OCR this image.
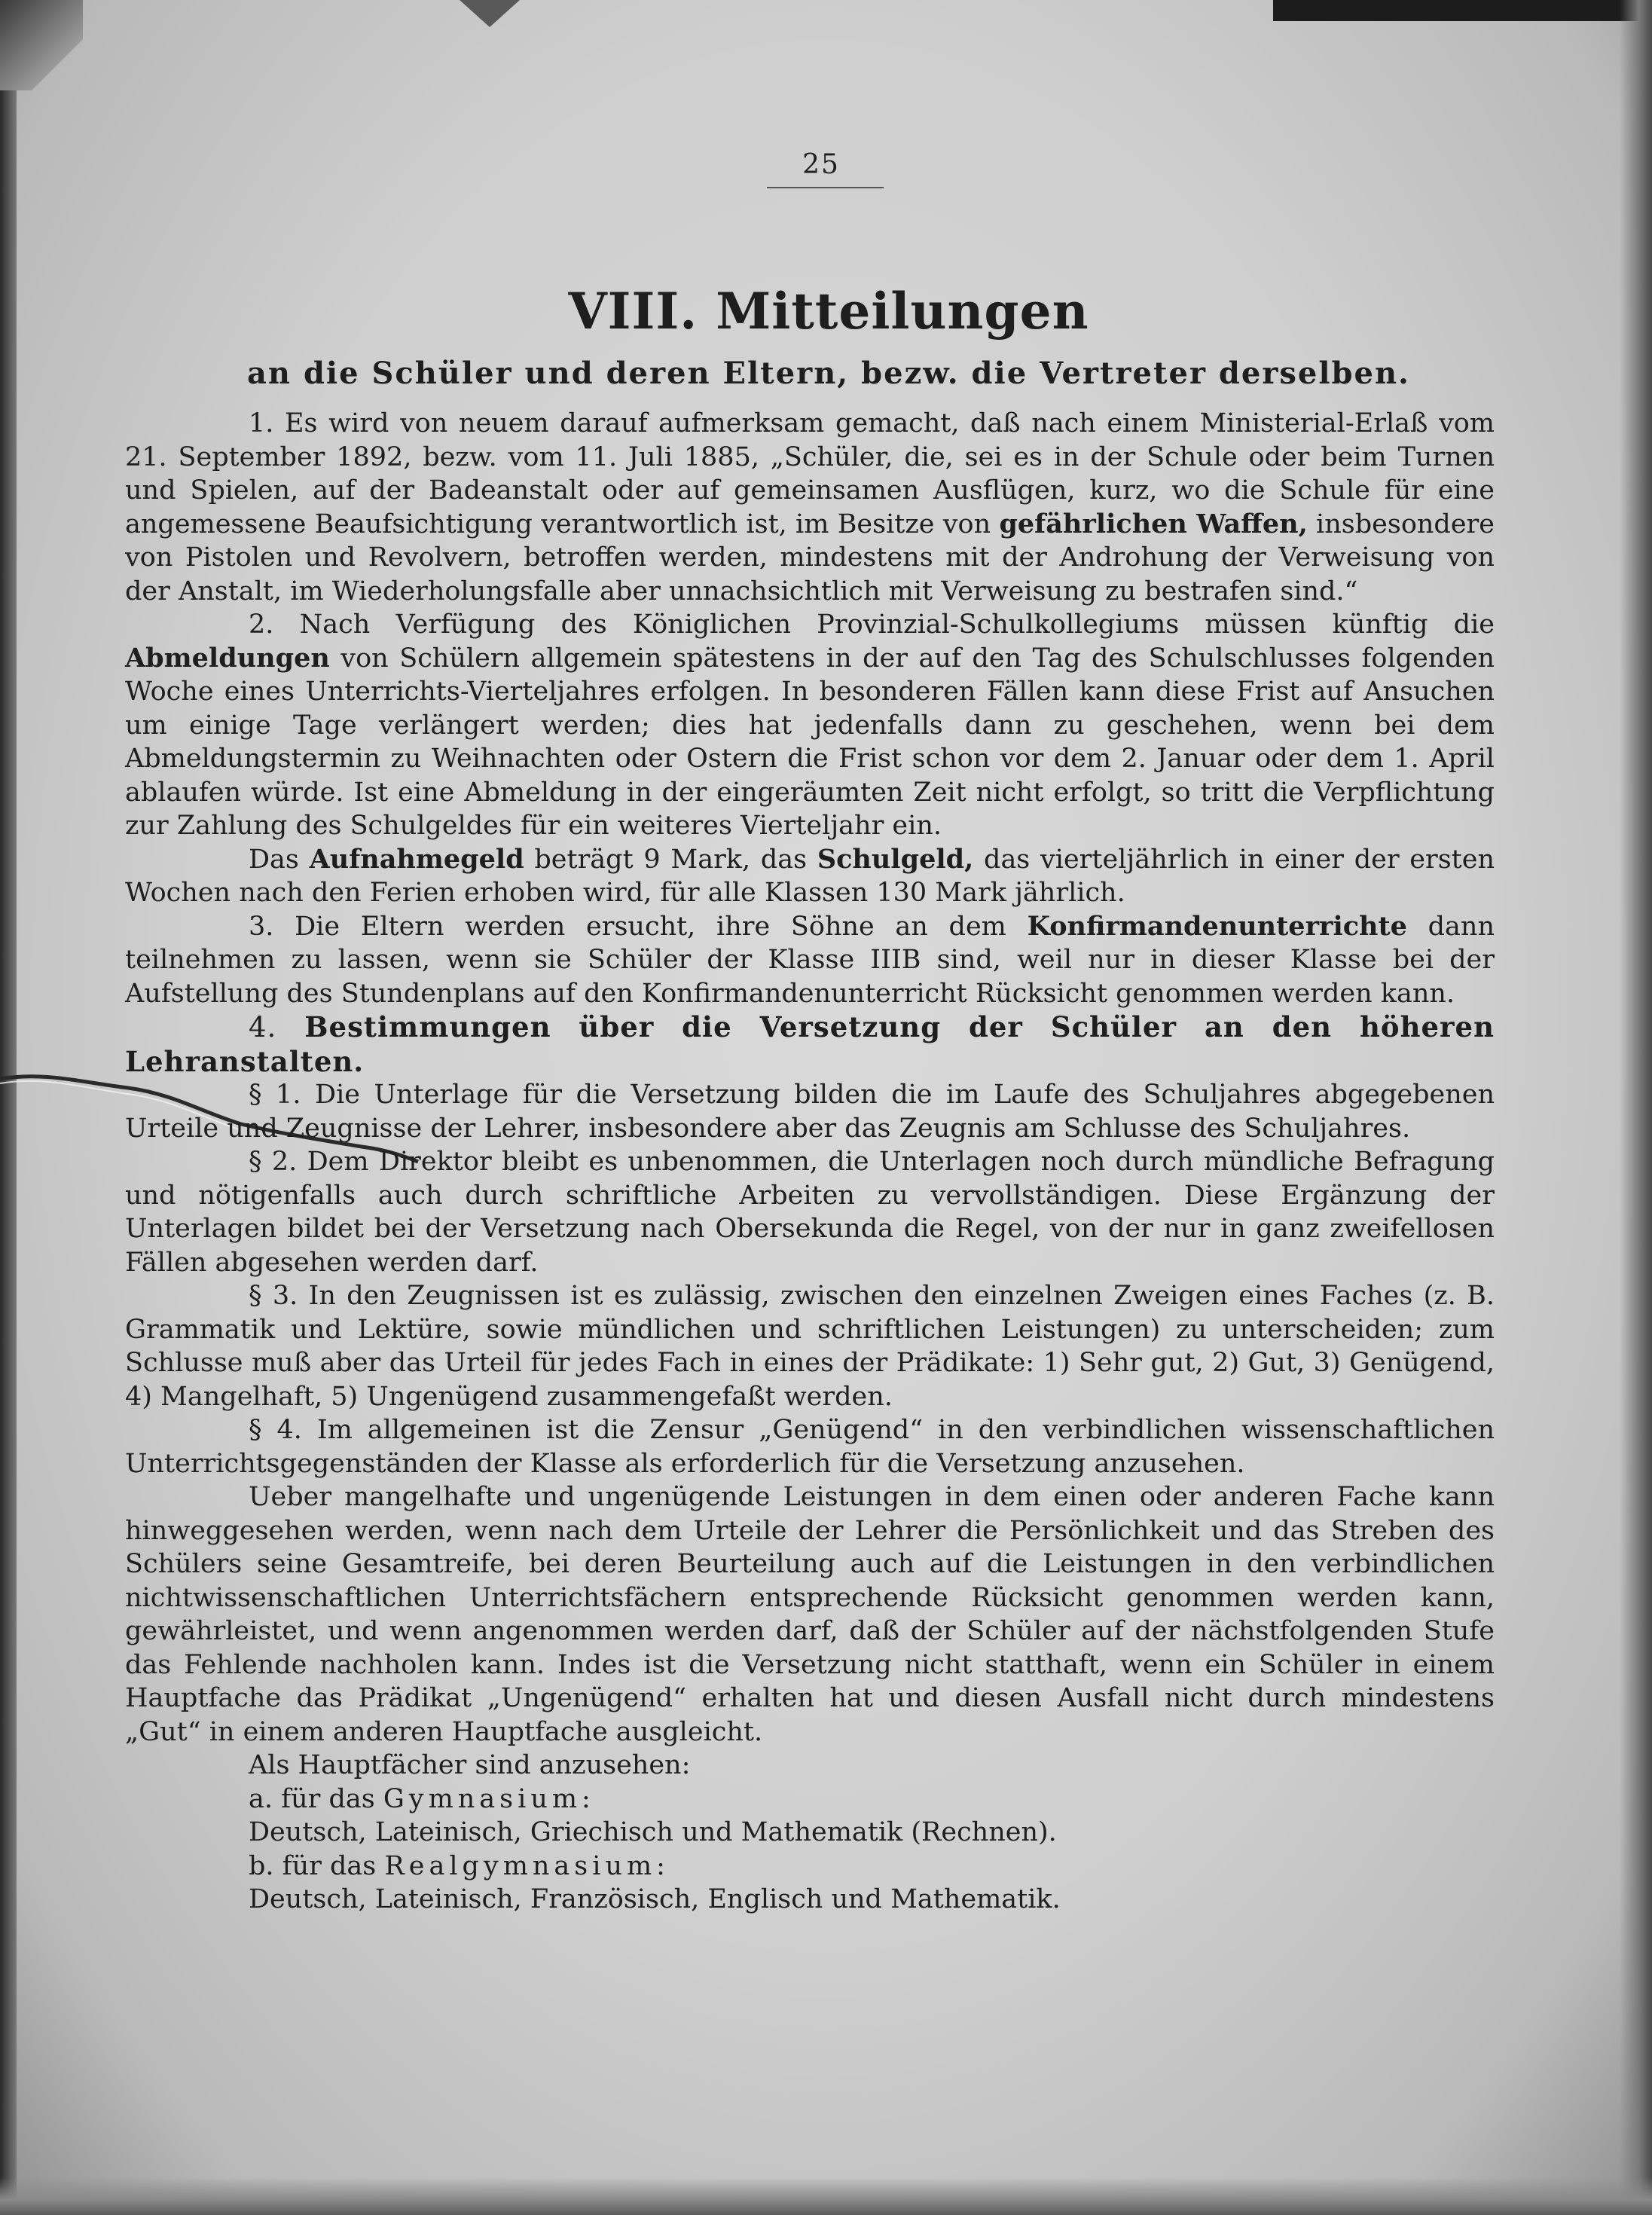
25
VIII. Mitteilungen
an die Schüler und deren Eltern, bezw. die Vertreter derselben.

1. Es wird von neuem darauf aufmerksam gemacht, daß nach einem Ministerial-Erlaß vom 21. September 1892, bezw. vom 11. Juli 1885, „Schüler, die, sei es in der Schule oder beim Turnen und Spielen, auf der Badeanstalt oder auf gemeinsamen Ausflügen, kurz, wo die Schule für eine angemessene Beaufsichtigung verantwortlich ist, im Besitze von gefährlichen Waffen, insbesondere von Pistolen und Revolvern, betroffen werden, mindestens mit der Androhung der Verweisung von der Anstalt, im Wiederholungsfalle aber unnachsichtlich mit Verweisung zu bestrafen sind.“

2. Nach Verfügung des Königlichen Provinzial-Schulkollegiums müssen künftig die Abmeldungen von Schülern allgemein spätestens in der auf den Tag des Schulschlusses folgenden Woche eines Unterrichts-Vierteljahres erfolgen. In besonderen Fällen kann diese Frist auf Ansuchen um einige Tage verlängert werden; dies hat jedenfalls dann zu geschehen, wenn bei dem Abmeldungstermin zu Weihnachten oder Ostern die Frist schon vor dem 2. Januar oder dem 1. April ablaufen würde. Ist eine Abmeldung in der eingeräumten Zeit nicht erfolgt, so tritt die Verpflichtung zur Zahlung des Schulgeldes für ein weiteres Vierteljahr ein.

Das Aufnahmegeld beträgt 9 Mark, das Schulgeld, das vierteljährlich in einer der ersten Wochen nach den Ferien erhoben wird, für alle Klassen 130 Mark jährlich.

3. Die Eltern werden ersucht, ihre Söhne an dem Konfirmandenunterrichte dann teilnehmen zu lassen, wenn sie Schüler der Klasse IIIB sind, weil nur in dieser Klasse bei der Aufstellung des Stundenplans auf den Konfirmandenunterricht Rücksicht genommen werden kann.

4. Bestimmungen über die Versetzung der Schüler an den höheren Lehranstalten.

§ 1. Die Unterlage für die Versetzung bilden die im Laufe des Schuljahres abgegebenen Urteile und Zeugnisse der Lehrer, insbesondere aber das Zeugnis am Schlusse des Schuljahres.

§ 2. Dem Direktor bleibt es unbenommen, die Unterlagen noch durch mündliche Befragung und nötigenfalls auch durch schriftliche Arbeiten zu vervollständigen. Diese Ergänzung der Unterlagen bildet bei der Versetzung nach Obersekunda die Regel, von der nur in ganz zweifellosen Fällen abgesehen werden darf.

§ 3. In den Zeugnissen ist es zulässig, zwischen den einzelnen Zweigen eines Faches (z. B. Grammatik und Lektüre, sowie mündlichen und schriftlichen Leistungen) zu unterscheiden; zum Schlusse muß aber das Urteil für jedes Fach in eines der Prädikate: 1) Sehr gut, 2) Gut, 3) Genügend, 4) Mangelhaft, 5) Ungenügend zusammengefaßt werden.

§ 4. Im allgemeinen ist die Zensur „Genügend“ in den verbindlichen wissenschaftlichen Unterrichtsgegenständen der Klasse als erforderlich für die Versetzung anzusehen.

Ueber mangelhafte und ungenügende Leistungen in dem einen oder anderen Fache kann hinweggesehen werden, wenn nach dem Urteile der Lehrer die Persönlichkeit und das Streben des Schülers seine Gesamtreife, bei deren Beurteilung auch auf die Leistungen in den verbindlichen nichtwissenschaftlichen Unterrichtsfächern entsprechende Rücksicht genommen werden kann, gewährleistet, und wenn angenommen werden darf, daß der Schüler auf der nächstfolgenden Stufe das Fehlende nachholen kann. Indes ist die Versetzung nicht statthaft, wenn ein Schüler in einem Hauptfache das Prädikat „Ungenügend“ erhalten hat und diesen Ausfall nicht durch mindestens „Gut“ in einem anderen Hauptfache ausgleicht.

Als Hauptfächer sind anzusehen:

a. für das Gymnasium:

Deutsch, Lateinisch, Griechisch und Mathematik (Rechnen).

b. für das Realgymnasium:

Deutsch, Lateinisch, Französisch, Englisch und Mathematik.
